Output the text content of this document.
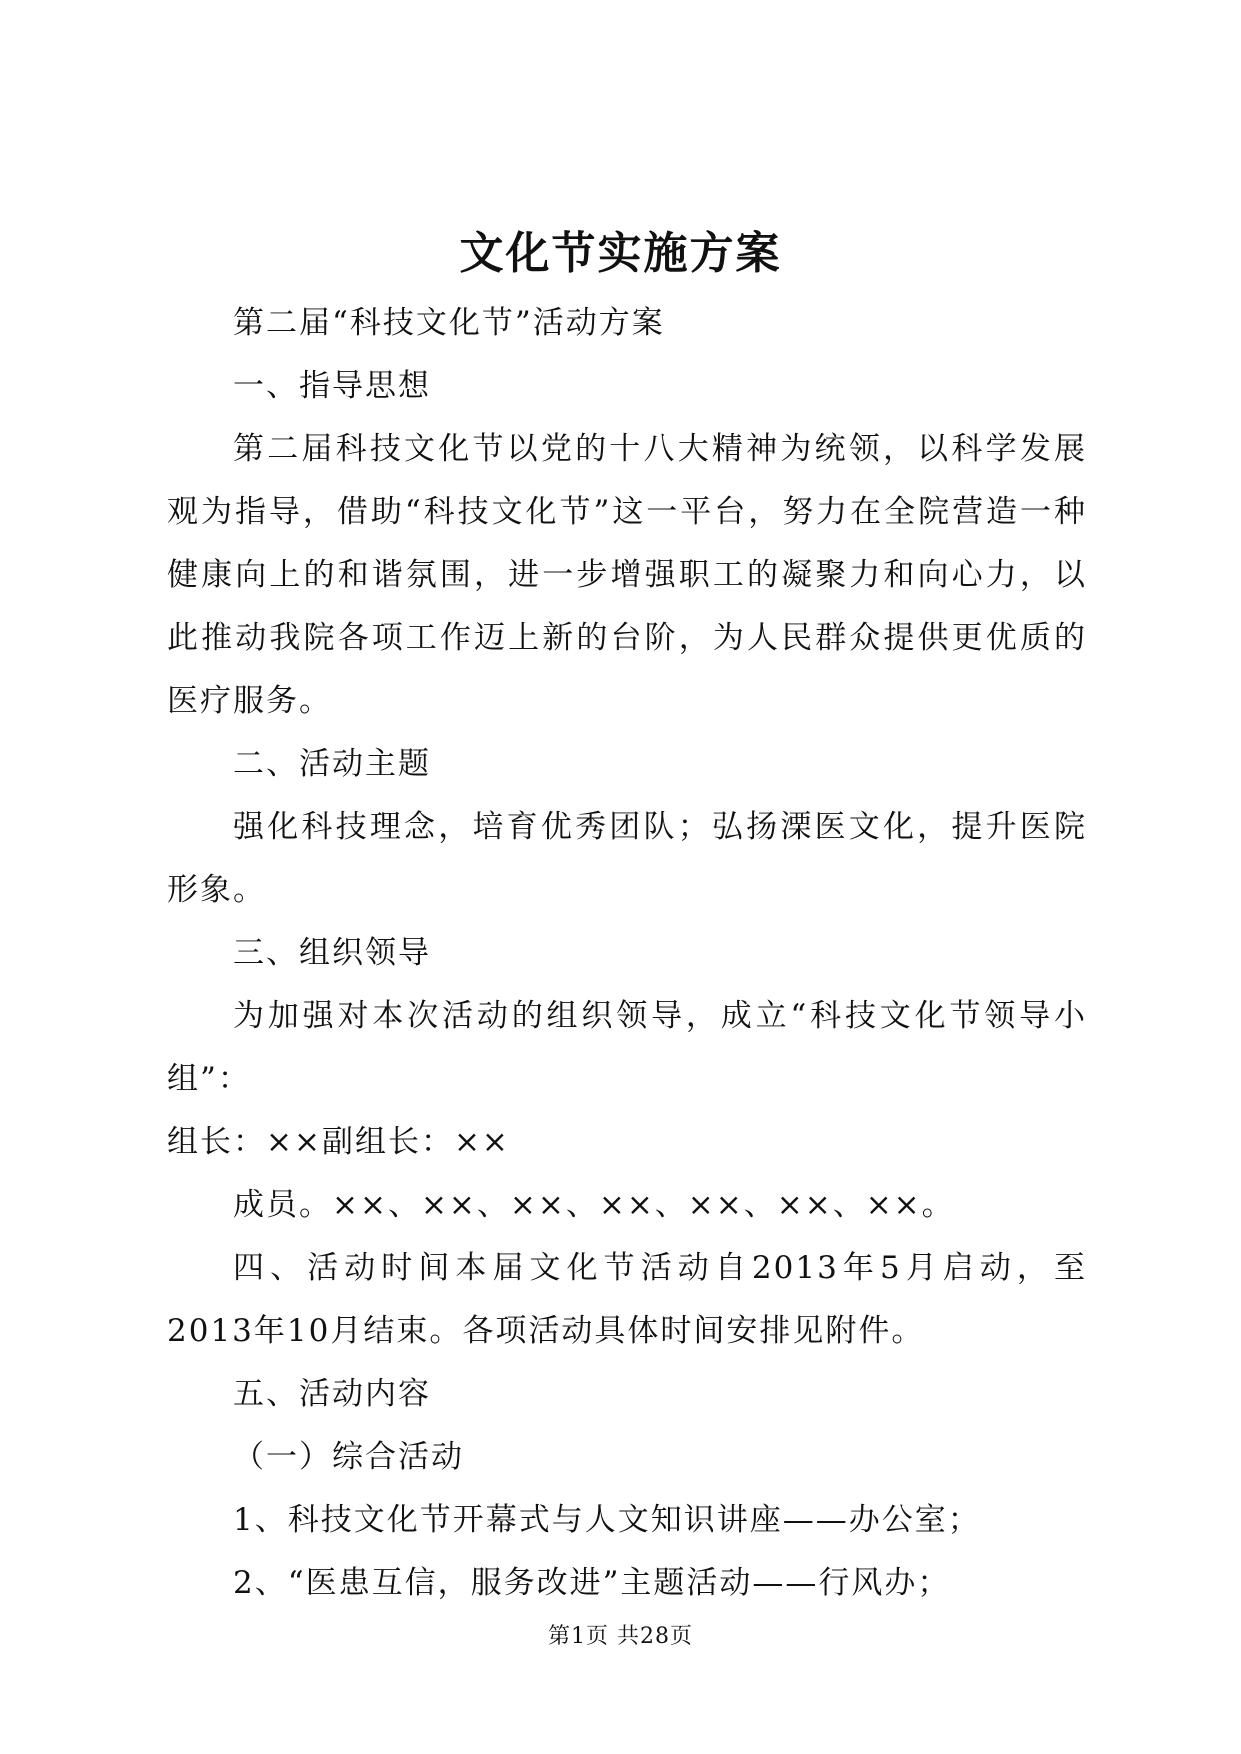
文化节实施方案

第二届“科技文化节”活动方案

一、指导思想

第二届科技文化节以党的十八大精神为统领，以科学发展观为指导，借助“科技文化节”这一平台，努力在全院营造一种健康向上的和谐氛围，进一步增强职工的凝聚力和向心力，以此推动我院各项工作迈上新的台阶，为人民群众提供更优质的医疗服务。

二、活动主题

强化科技理念，培育优秀团队；弘扬溧医文化，提升医院形象。

三、组织领导

为加强对本次活动的组织领导，成立“科技文化节领导小组”：

组长：××副组长：××

成员。××、××、××、××、××、××、××。

四、活动时间本届文化节活动自2013年5月启动，至2013年10月结束。各项活动具体时间安排见附件。

五、活动内容

（一）综合活动

1、科技文化节开幕式与人文知识讲座——办公室；

2、“医患互信，服务改进”主题活动——行风办；

第1页 共28页
